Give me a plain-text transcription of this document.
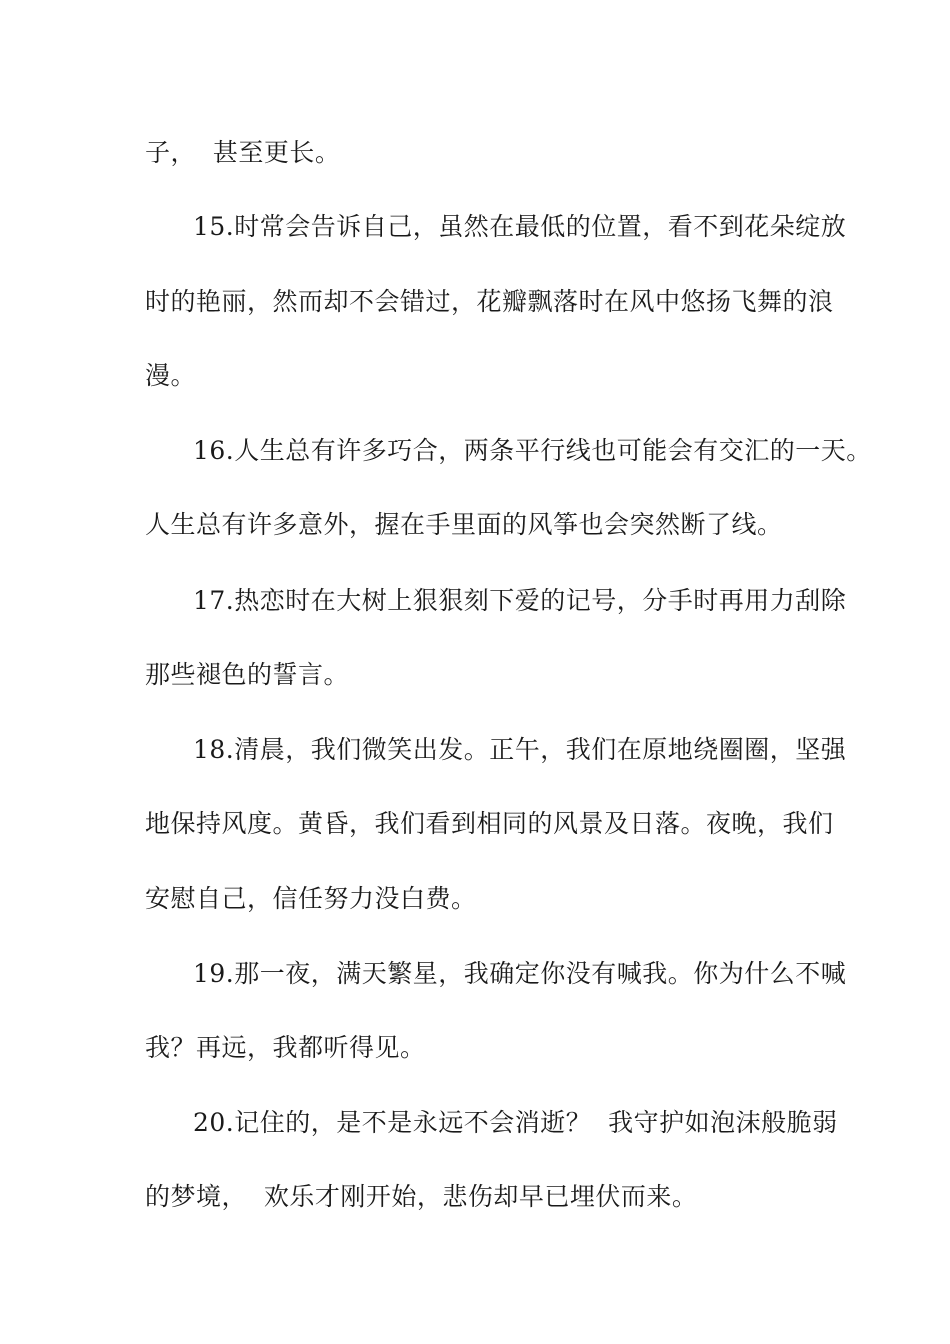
子，  甚至更长。
15.时常会告诉自己，虽然在最低的位置，看不到花朵绽放
时的艳丽，然而却不会错过，花瓣飘落时在风中悠扬飞舞的浪
漫。
16.人生总有许多巧合，两条平行线也可能会有交汇的一天。
人生总有许多意外，握在手里面的风筝也会突然断了线。
17.热恋时在大树上狠狠刻下爱的记号，分手时再用力刮除
那些褪色的誓言。
18.清晨，我们微笑出发。正午，我们在原地绕圈圈，坚强
地保持风度。黄昏，我们看到相同的风景及日落。夜晚，我们
安慰自己，信任努力没白费。
19.那一夜，满天繁星，我确定你没有喊我。你为什么不喊
我？再远，我都听得见。
20.记住的，是不是永远不会消逝？  我守护如泡沫般脆弱
的梦境，  欢乐才刚开始，悲伤却早已埋伏而来。
